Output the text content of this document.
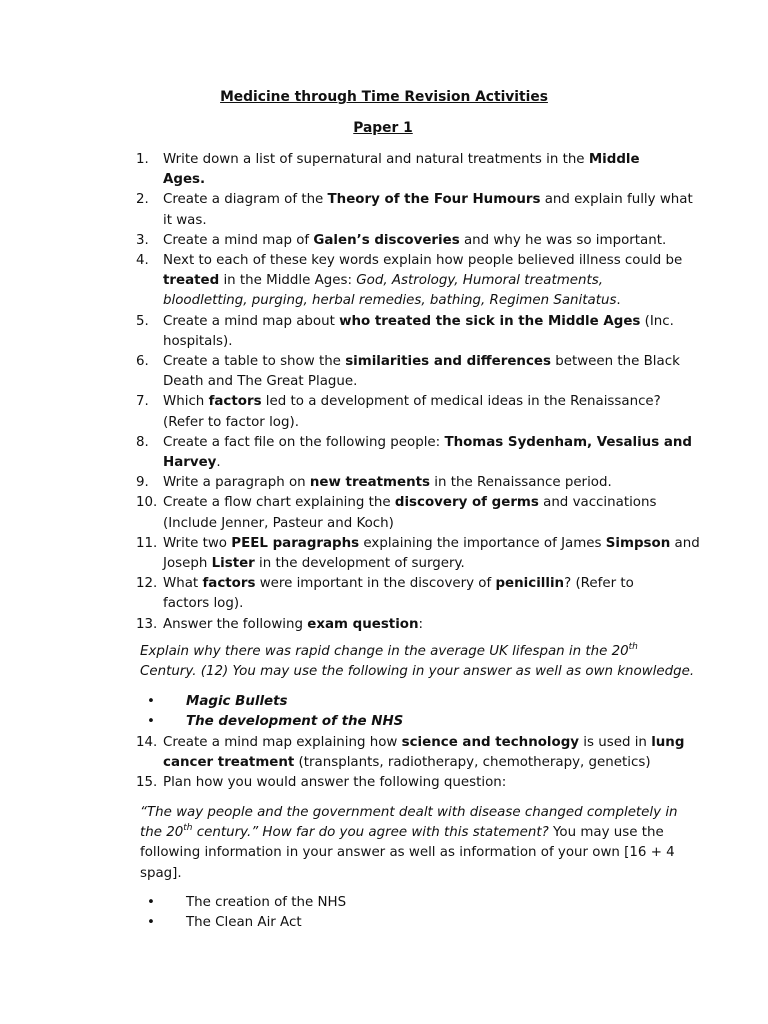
Medicine through Time Revision Activities
Paper 1
1. Write down a list of supernatural and natural treatments in the Middle
Ages.
2. Create a diagram of the Theory of the Four Humours and explain fully what
it was.
3. Create a mind map of Galen’s discoveries and why he was so important.
4. Next to each of these key words explain how people believed illness could be
treated in the Middle Ages: God, Astrology, Humoral treatments,
bloodletting, purging, herbal remedies, bathing, Regimen Sanitatus.
5. Create a mind map about who treated the sick in the Middle Ages (Inc.
hospitals).
6. Create a table to show the similarities and differences between the Black
Death and The Great Plague.
7. Which factors led to a development of medical ideas in the Renaissance?
(Refer to factor log).
8. Create a fact file on the following people: Thomas Sydenham, Vesalius and
Harvey.
9. Write a paragraph on new treatments in the Renaissance period.
10. Create a flow chart explaining the discovery of germs and vaccinations
(Include Jenner, Pasteur and Koch)
11. Write two PEEL paragraphs explaining the importance of James Simpson and
Joseph Lister in the development of surgery.
12. What factors were important in the discovery of penicillin? (Refer to
factors log).
13. Answer the following exam question:
Explain why there was rapid change in the average UK lifespan in the 20th
Century. (12) You may use the following in your answer as well as own knowledge.
• Magic Bullets
• The development of the NHS
14. Create a mind map explaining how science and technology is used in lung
cancer treatment (transplants, radiotherapy, chemotherapy, genetics)
15. Plan how you would answer the following question:
“The way people and the government dealt with disease changed completely in
the 20th century.” How far do you agree with this statement? You may use the
following information in your answer as well as information of your own [16 + 4
spag].
• The creation of the NHS
• The Clean Air Act
